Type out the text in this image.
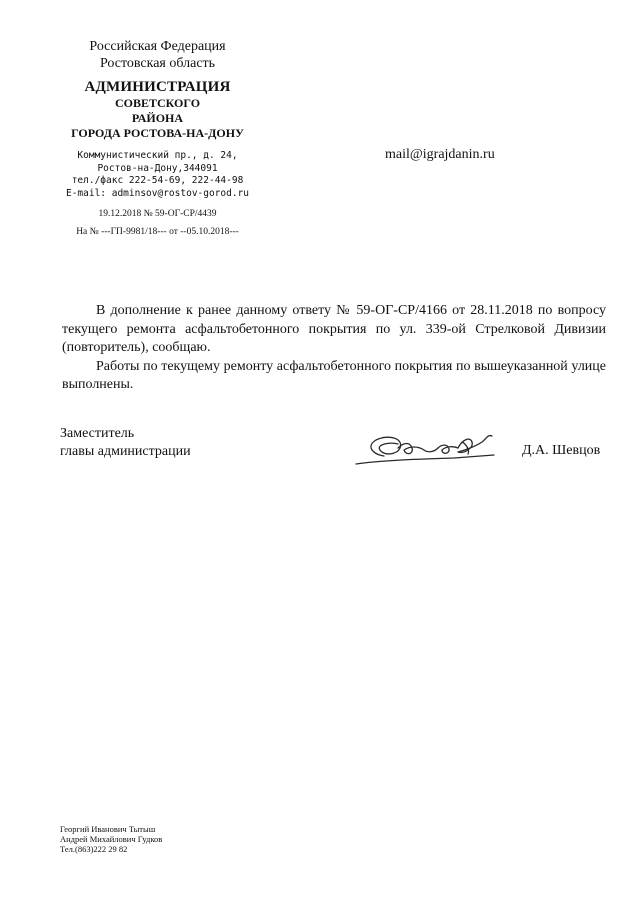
Российская Федерация
Ростовская область
АДМИНИСТРАЦИЯ
СОВЕТСКОГО
РАЙОНА
ГОРОДА РОСТОВА-НА-ДОНУ
Коммунистический пр., д. 24,
Ростов-на-Дону,344091
тел./факс 222-54-69, 222-44-98
E-mail: adminsov@rostov-gorod.ru
19.12.2018 № 59-ОГ-СР/4439
На № ---ГП-9981/18--- от --05.10.2018---
mail@igrajdanin.ru

В дополнение к ранее данному ответу № 59-ОГ-СР/4166 от 28.11.2018 по вопросу текущего ремонта асфальтобетонного покрытия по ул. 339-ой Стрелковой Дивизии (повторитель), сообщаю.

Работы по текущему ремонту асфальтобетонного покрытия по вышеуказанной улице выполнены.

Заместитель
главы администрации	Д.А. Шевцов
Георгий Иванович Тытыш
Андрей Михайлович Гудков
Тел.(863)222 29 82
